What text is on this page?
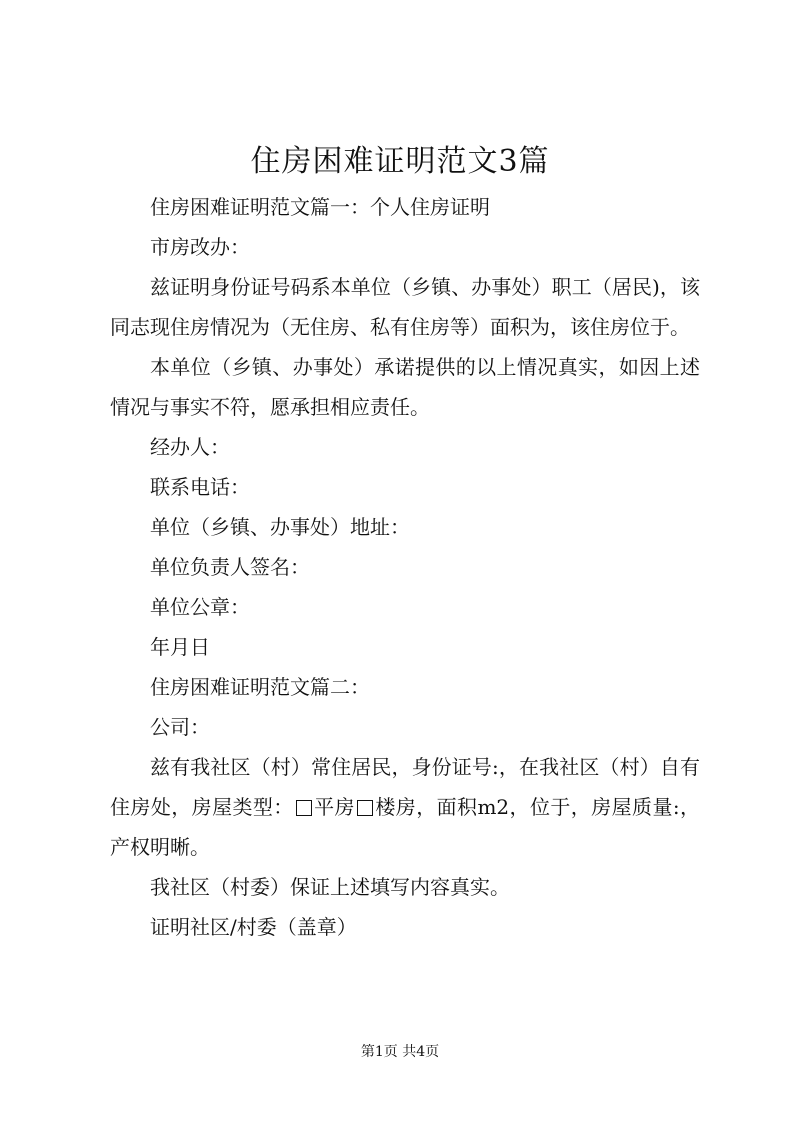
住房困难证明范文3篇

住房困难证明范文篇一：个人住房证明

市房改办：

兹证明身份证号码系本单位（乡镇、办事处）职工（居民)，该同志现住房情况为（无住房、私有住房等）面积为，该住房位于。

本单位（乡镇、办事处）承诺提供的以上情况真实，如因上述情况与事实不符，愿承担相应责任。

经办人：

联系电话：

单位（乡镇、办事处）地址：

单位负责人签名：

单位公章：

年月日

住房困难证明范文篇二：

公司：

兹有我社区（村）常住居民，身份证号:，在我社区（村）自有住房处，房屋类型： 平房 楼房，面积m2，位于，房屋质量:，产权明晰。

我社区（村委）保证上述填写内容真实。

证明社区/村委（盖章）

第1页 共4页
